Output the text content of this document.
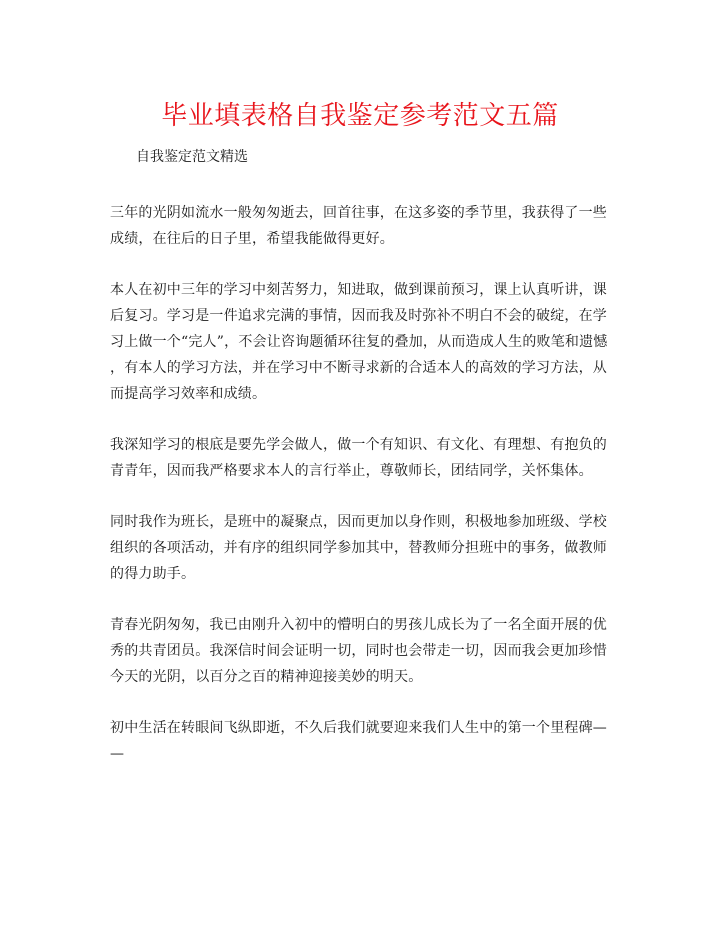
毕业填表格自我鉴定参考范文五篇

自我鉴定范文精选

三年的光阴如流水一般匆匆逝去，回首往事，在这多姿的季节里，我获得了一些
成绩，在往后的日子里，希望我能做得更好。

本人在初中三年的学习中刻苦努力，知进取，做到课前预习，课上认真听讲，课
后复习。学习是一件追求完满的事情，因而我及时弥补不明白不会的破绽，在学
习上做一个“完人”，不会让咨询题循环往复的叠加，从而造成人生的败笔和遗憾
，有本人的学习方法，并在学习中不断寻求新的合适本人的高效的学习方法，从
而提高学习效率和成绩。

我深知学习的根底是要先学会做人，做一个有知识、有文化、有理想、有抱负的
青青年，因而我严格要求本人的言行举止，尊敬师长，团结同学，关怀集体。

同时我作为班长，是班中的凝聚点，因而更加以身作则，积极地参加班级、学校
组织的各项活动，并有序的组织同学参加其中，替教师分担班中的事务，做教师
的得力助手。

青春光阴匆匆，我已由刚升入初中的懵明白的男孩儿成长为了一名全面开展的优
秀的共青团员。我深信时间会证明一切，同时也会带走一切，因而我会更加珍惜
今天的光阴，以百分之百的精神迎接美妙的明天。

初中生活在转眼间飞纵即逝，不久后我们就要迎来我们人生中的第一个里程碑—
—
